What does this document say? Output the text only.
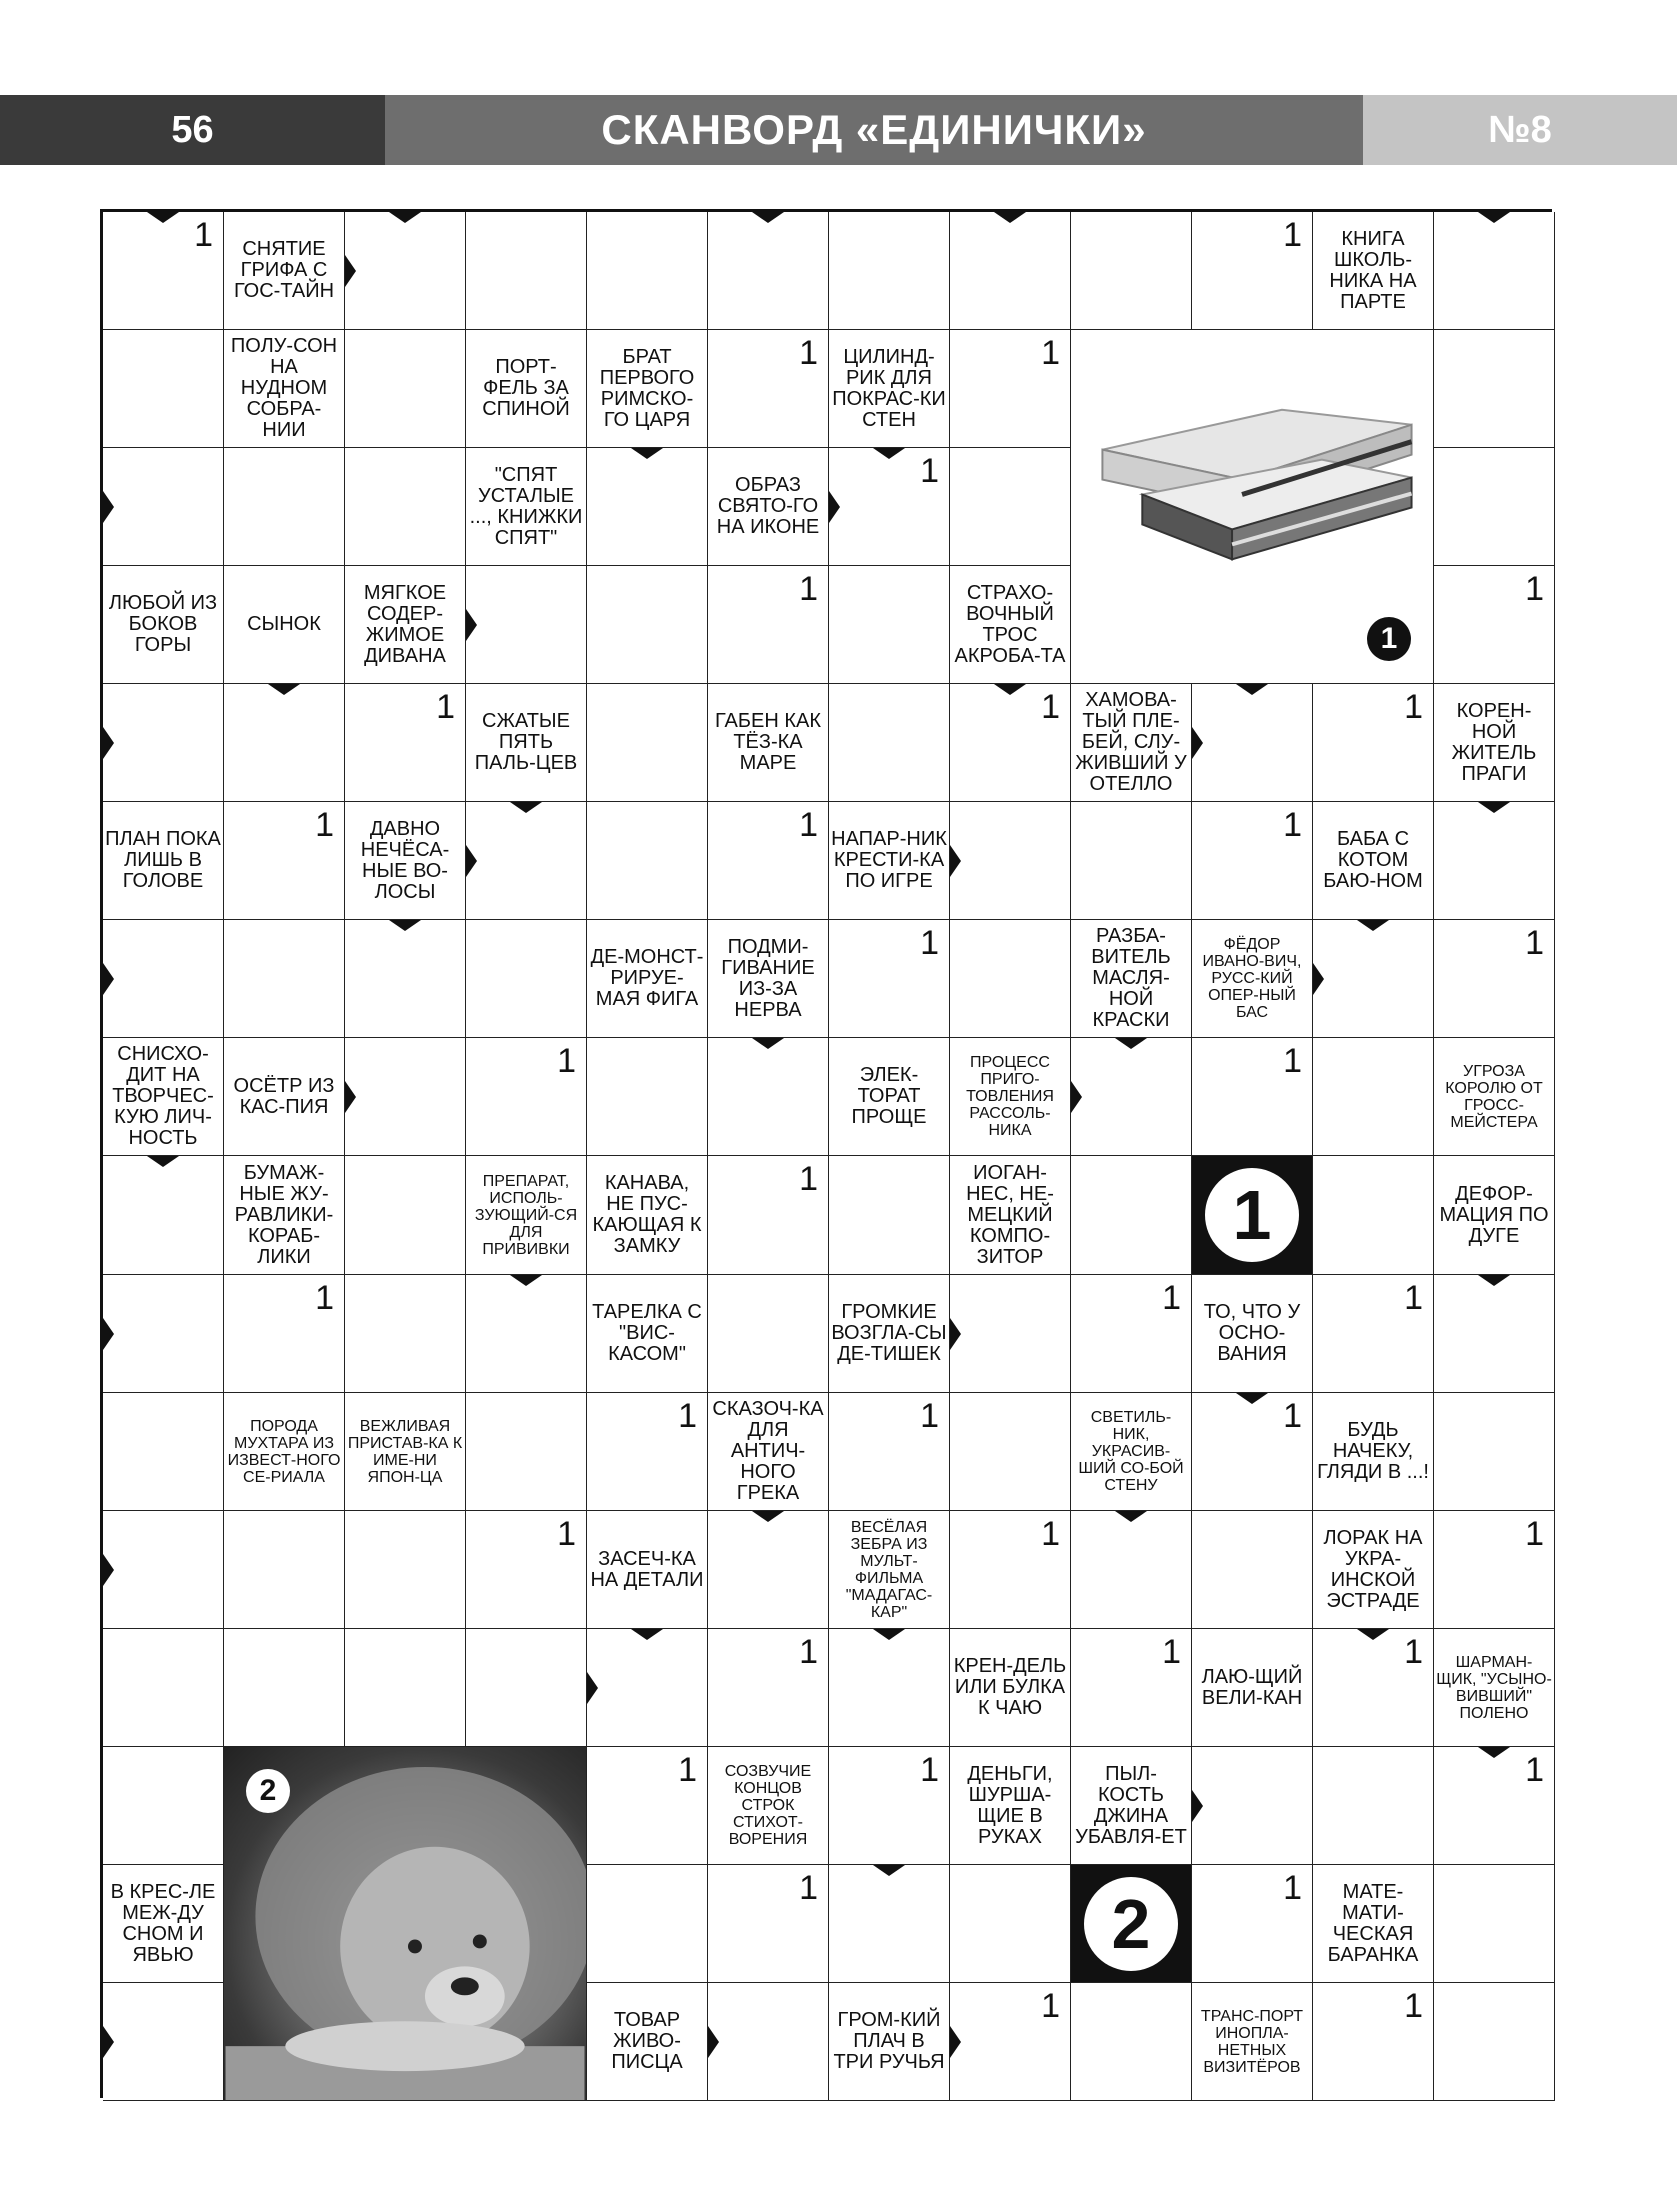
56	СКАНВОРД «ЕДИНИЧКИ»	№8
1
2
1	СНЯТИЕ ГРИФА С ГОС-ТАЙН
1	КНИГА ШКОЛЬ-НИКА НА ПАРТЕ
ПОЛУ-СОН НА НУДНОМ СОБРА-НИИ
ПОРТ-ФЕЛЬ ЗА СПИНОЙ
БРАТ ПЕРВОГО РИМСКО-ГО ЦАРЯ
1	ЦИЛИНД-РИК ДЛЯ ПОКРАС-КИ СТЕН
1
"СПЯТ УСТАЛЫЕ ..., КНИЖКИ СПЯТ"
ОБРАЗ СВЯТО-ГО НА ИКОНЕ
1
ЛЮБОЙ ИЗ БОКОВ ГОРЫ
СЫНОК
МЯГКОЕ СОДЕР-ЖИМОЕ ДИВАНА
1	СТРАХО-ВОЧНЫЙ ТРОС АКРОБА-ТА
1
1	СЖАТЫЕ ПЯТЬ ПАЛЬ-ЦЕВ
ГАБЕН КАК ТЁЗ-КА МАРЕ
1	ХАМОВА-ТЫЙ ПЛЕ-БЕЙ, СЛУ-ЖИВШИЙ У ОТЕЛЛО
1	КОРЕН-НОЙ ЖИТЕЛЬ ПРАГИ
ПЛАН ПОКА ЛИШЬ В ГОЛОВЕ
1	ДАВНО НЕЧЁСА-НЫЕ ВО-ЛОСЫ
1 НАПАР-НИК КРЕСТИ-КА ПО ИГРЕ
1	БАБА С КОТОМ БАЮ-НОМ
ДЕ-МОНСТ-РИРУЕ-МАЯ ФИГА
ПОДМИ-ГИВАНИЕ ИЗ-ЗА НЕРВА
1	РАЗБА-ВИТЕЛЬ МАСЛЯ-НОЙ КРАСКИ
ФЁДОР ИВАНО-ВИЧ, РУСС-КИЙ ОПЕР-НЫЙ БАС
1
СНИСХО-ДИТ НА ТВОРЧЕС-КУЮ ЛИЧ-НОСТЬ
ОСЁТР ИЗ КАС-ПИЯ
1	ЭЛЕК-ТОРАТ ПРОЩЕ
ПРОЦЕСС ПРИГО-ТОВЛЕНИЯ РАССОЛЬ-НИКА
1	УГРОЗА КОРОЛЮ ОТ ГРОСС-МЕЙСТЕРА
БУМАЖ-НЫЕ ЖУ-РАВЛИКИ-КОРАБ-ЛИКИ
ПРЕПАРАТ, ИСПОЛЬ-ЗУЮЩИЙ-СЯ ДЛЯ ПРИВИВКИ
КАНАВА, НЕ ПУС-КАЮЩАЯ К ЗАМКУ
1	ИОГАН-НЕС, НЕ-МЕЦКИЙ КОМПО-ЗИТОР
1	ДЕФОР-МАЦИЯ ПО ДУГЕ
1	ТАРЕЛКА С "ВИС-КАСОМ"
ГРОМКИЕ ВОЗГЛА-СЫ ДЕ-ТИШЕК
1	ТО, ЧТО У ОСНО-ВАНИЯ
1
ПОРОДА МУХТАРА ИЗ ИЗВЕСТ-НОГО СЕ-РИАЛА
ВЕЖЛИВАЯ ПРИСТАВ-КА К ИМЕ-НИ ЯПОН-ЦА
1 СКАЗОЧ-КА ДЛЯ АНТИЧ-НОГО ГРЕКА
1	СВЕТИЛЬ-НИК, УКРАСИВ-ШИЙ СО-БОЙ СТЕНУ
1	БУДЬ НАЧЕКУ, ГЛЯДИ В ...!
1
ЗАСЕЧ-КА НА ДЕТАЛИ
ВЕСЁЛАЯ ЗЕБРА ИЗ МУЛЬТ-ФИЛЬМА "МАДАГАС-КАР"
1	ЛОРАК НА УКРА-ИНСКОЙ ЭСТРАДЕ
1
1	КРЕН-ДЕЛЬ ИЛИ БУЛКА К ЧАЮ
1
ЛАЮ-ЩИЙ ВЕЛИ-КАН
1	ШАРМАН-ЩИК, "УСЫНО-ВИВШИЙ" ПОЛЕНО
1	СОЗВУЧИЕ КОНЦОВ СТРОК СТИХОТ-ВОРЕНИЯ
1	ДЕНЬГИ, ШУРША-ЩИЕ В РУКАХ
ПЫЛ-КОСТЬ ДЖИНА УБАВЛЯ-ЕТ
1
В КРЕС-ЛЕ МЕЖ-ДУ СНОМ И ЯВЬЮ
1	2	1	МАТЕ-МАТИ-ЧЕСКАЯ БАРАНКА
ТОВАР ЖИВО-ПИСЦА
ГРОМ-КИЙ ПЛАЧ В ТРИ РУЧЬЯ
1	ТРАНС-ПОРТ ИНОПЛА-НЕТНЫХ ВИЗИТЁРОВ
1
